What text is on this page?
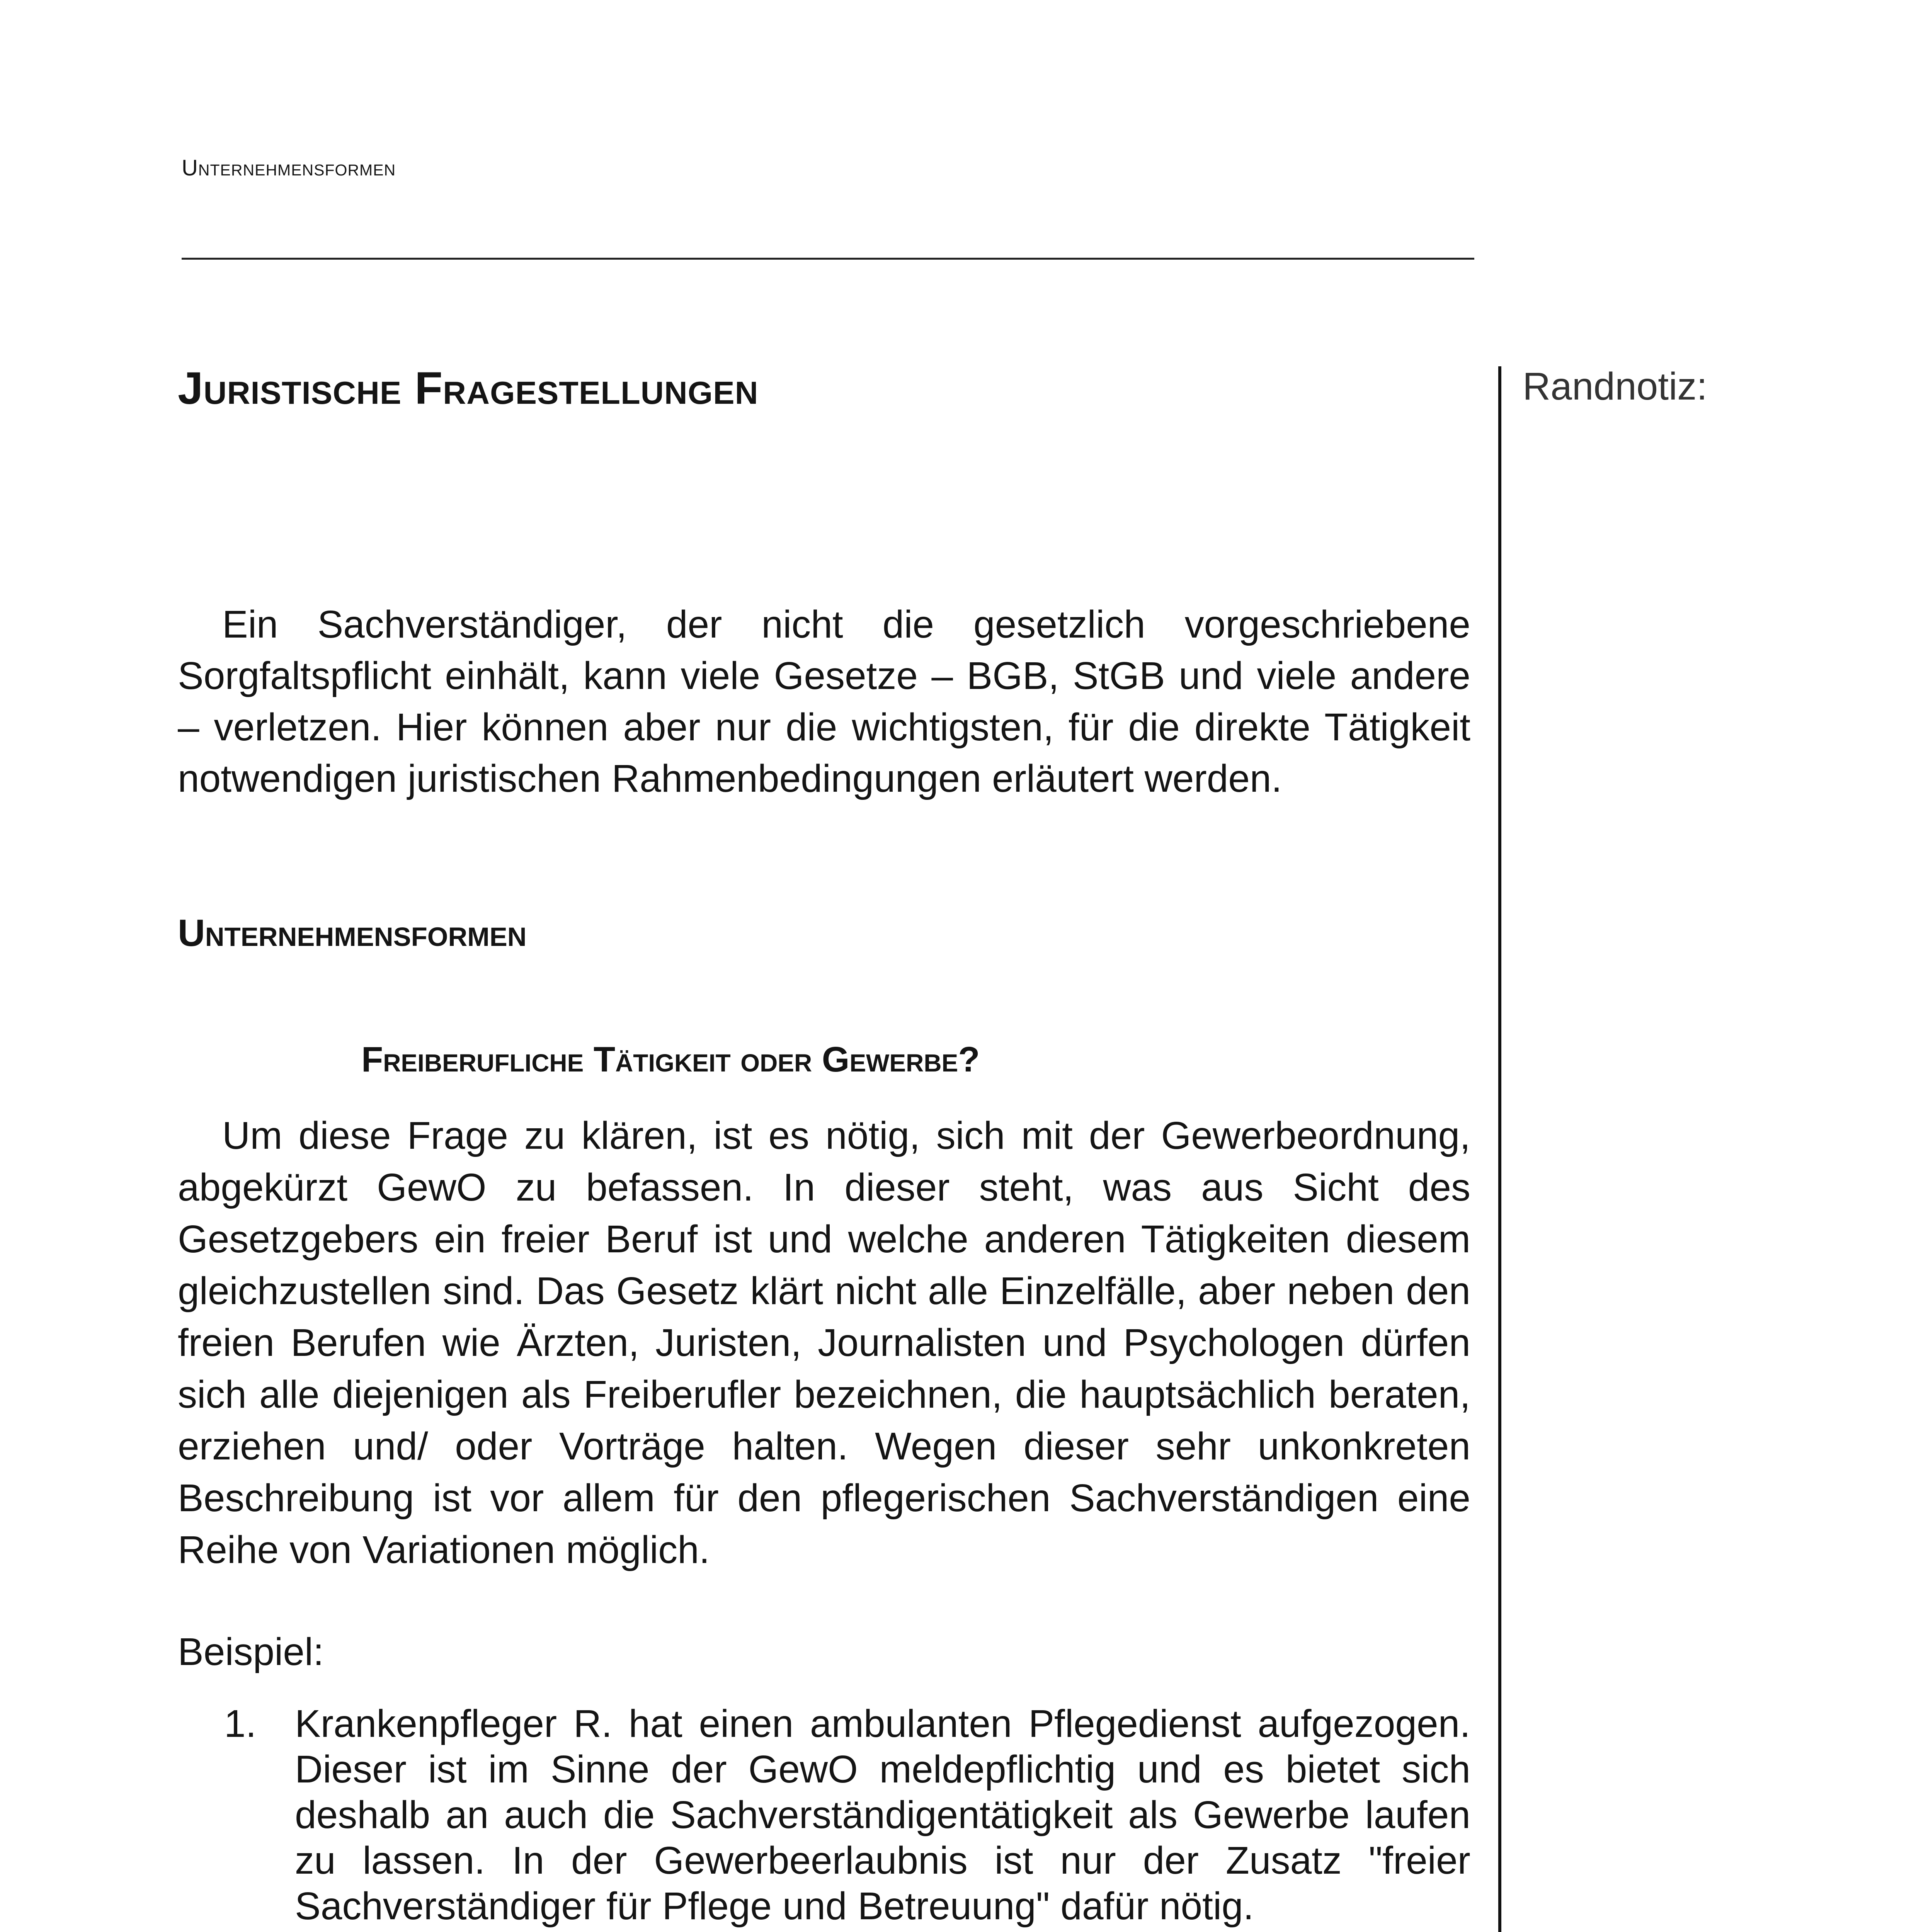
Unternehmensformen
Randnotiz:
Juristische Fragestellungen

Ein Sachverständiger, der nicht die gesetzlich vorgeschriebene Sorgfaltspflicht einhält, kann viele Gesetze – BGB, StGB und viele andere – verletzen. Hier können aber nur die wichtigsten, für die direkte Tätigkeit notwendigen juristischen Rahmenbedingungen erläutert werden.

Unternehmensformen
Freiberufliche Tätigkeit oder Gewerbe?

Um diese Frage zu klären, ist es nötig, sich mit der Gewerbeordnung, abgekürzt GewO zu befassen. In dieser steht, was aus Sicht des Gesetzgebers ein freier Beruf ist und welche anderen Tätigkeiten diesem gleichzustellen sind. Das Gesetz klärt nicht alle Einzelfälle, aber neben den freien Berufen wie Ärzten, Juristen, Journalisten und Psychologen dürfen sich alle diejenigen als Freiberufler bezeichnen, die hauptsächlich beraten, erziehen und/ oder Vorträge halten. Wegen dieser sehr unkonkreten Beschreibung ist vor allem für den pflegerischen Sachverständigen eine Reihe von Variationen möglich.

Beispiel:

1. Krankenpfleger R. hat einen ambulanten Pflegedienst aufgezogen. Dieser ist im Sinne der GewO meldepflichtig und es bietet sich deshalb an auch die Sachverständigentätigkeit als Gewerbe laufen zu lassen. In der Gewerbeerlaubnis ist nur der Zusatz "freier Sachverständiger für Pflege und Betreuung" dafür nötig.
